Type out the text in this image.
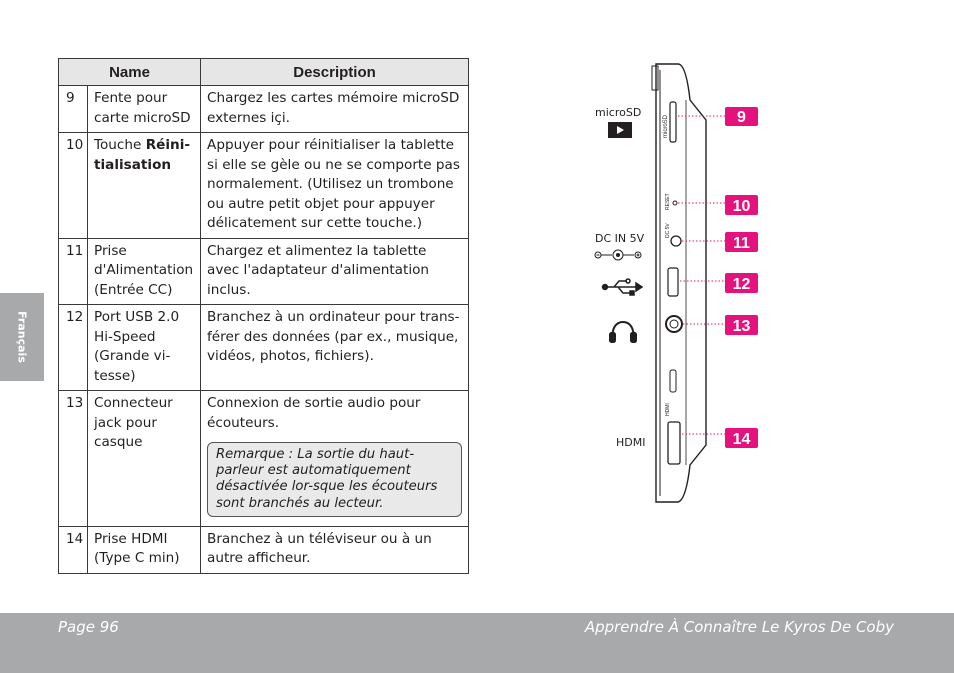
Français
Name		Description
9	Fente pour carte microSD	Chargez les cartes mémoire microSD externes içi.
10	Touche Réini-tialisation	Appuyer pour réinitialiser la tablette si elle se gèle ou ne se comporte pas normalement. (Utilisez un trombone ou autre petit objet pour appuyer délicatement sur cette touche.)
11	Prise d'Alimentation (Entrée CC)	Chargez et alimentez la tablette avec l'adaptateur d'alimentation inclus.
12	Port USB 2.0 Hi-Speed (Grande vi-tesse)	Branchez à un ordinateur pour trans-férer des données (par ex., musique, vidéos, photos, fichiers).
13	Connecteur jack pour casque	Connexion de sortie audio pour écouteurs.
Remarque : La sortie du haut-parleur est automatiquement désactivée lor-sque les écouteurs sont branchés au lecteur.

14	Prise HDMI (Type C min)	Branchez à un téléviseur ou à un autre afficheur.
microSD
RESET
DC 5V
HDMI
microSD
DC IN 5V
HDMI
9
10
11
12
13
14
Page 96	Apprendre À Connaître Le Kyros De Coby
